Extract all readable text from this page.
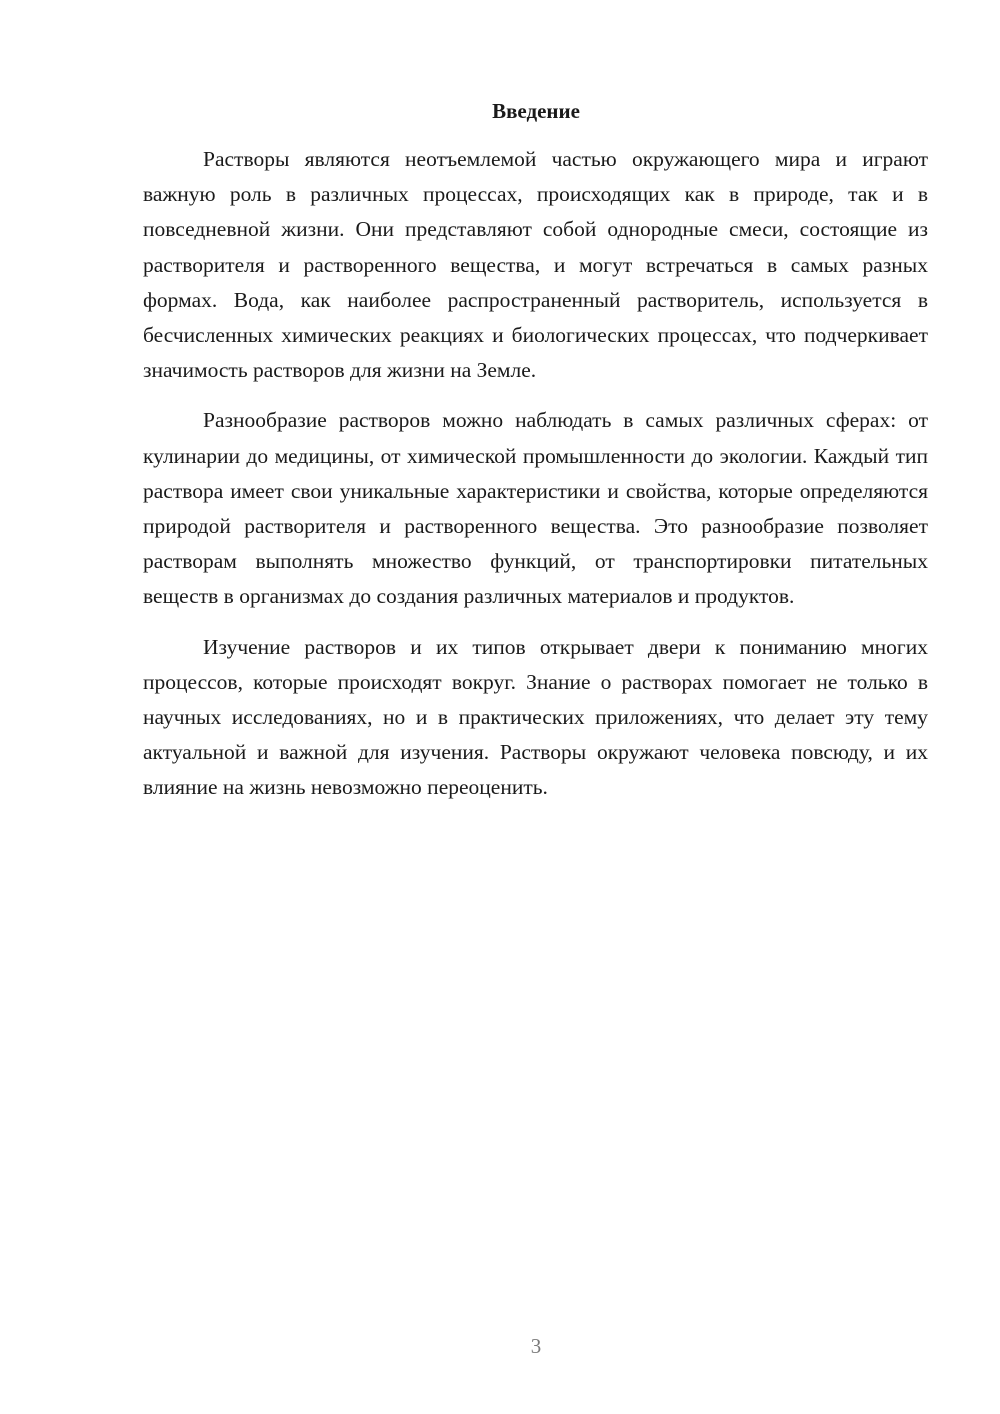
Введение

Растворы являются неотъемлемой частью окружающего мира и играют важную роль в различных процессах, происходящих как в природе, так и в повседневной жизни. Они представляют собой однородные смеси, состоящие из растворителя и растворенного вещества, и могут встречаться в самых разных формах. Вода, как наиболее распространенный растворитель, используется в бесчисленных химических реакциях и биологических процессах, что подчеркивает значимость растворов для жизни на Земле.

Разнообразие растворов можно наблюдать в самых различных сферах: от кулинарии до медицины, от химической промышленности до экологии. Каждый тип раствора имеет свои уникальные характеристики и свойства, которые определяются природой растворителя и растворенного вещества. Это разнообразие позволяет растворам выполнять множество функций, от транспортировки питательных веществ в организмах до создания различных материалов и продуктов.

Изучение растворов и их типов открывает двери к пониманию многих процессов, которые происходят вокруг. Знание о растворах помогает не только в научных исследованиях, но и в практических приложениях, что делает эту тему актуальной и важной для изучения. Растворы окружают человека повсюду, и их влияние на жизнь невозможно переоценить.

3
